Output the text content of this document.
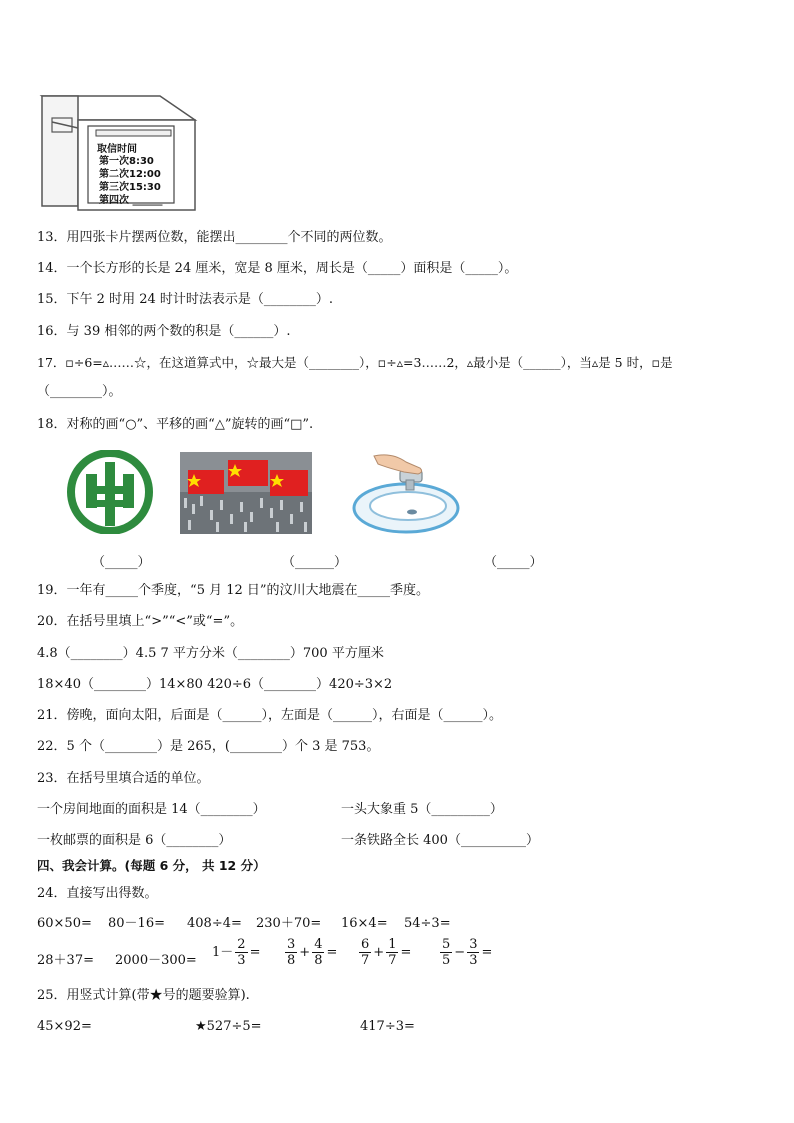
取信时间
第一次8:30
第二次12:00
第三次15:30
第四次 ______
13．用四张卡片摆两位数，能摆出________个不同的两位数。
14．一个长方形的长是 24 厘米，宽是 8 厘米，周长是（_____）面积是（_____）。
15．下午 2 时用 24 时计时法表示是（________）.
16．与 39 相邻的两个数的积是（______）.
17．▫÷6=▵……☆，在这道算式中，☆最大是（________），▫÷▵=3……2，▵最小是（______），当▵是 5 时，▫是
（________）。
18．对称的画“○”、平移的画“△”旋转的画“□”.
（_____）	（______）	（_____）
19．一年有_____个季度，“5 月 12 日”的汶川大地震在_____季度。
20．在括号里填上“>”“<”或“=”。
4.8（________）4.5 7 平方分米（________）700 平方厘米
18×40（________）14×80 420÷6（________）420÷3×2
21．傍晚，面向太阳，后面是（______），左面是（______），右面是（______）。
22．5 个（________）是 265，(________）个 3 是 753。
23．在括号里填合适的单位。
一个房间地面的面积是 14（________）	一头大象重 5（_________）
一枚邮票的面积是 6（________）	一条铁路全长 400（__________）
四、我会计算。(每题 6 分， 共 12 分）
24．直接写出得数。
60×50= 80－16= 408÷4= 230＋70= 16×4= 54÷3=
28＋37= 2000－300=
$1- \frac{2}{3} = \frac{3}{8} + \frac{4}{8} = \frac{6}{7} + \frac{1}{7} = \frac{5}{5} - \frac{3}{3}$ =
25．用竖式计算(带★号的题要验算).
45×92=	★527÷5=	417÷3=
